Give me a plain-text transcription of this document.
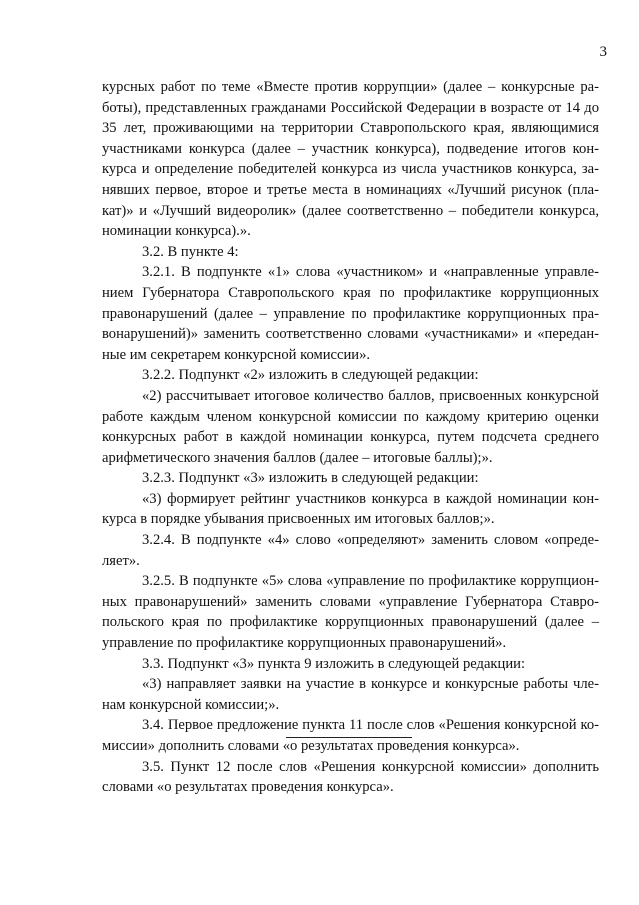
3
курсных работ по теме «Вместе против коррупции» (далее – конкурсные ра-
боты), представленных гражданами Российской Федерации в возрасте от 14 до
35 лет, проживающими на территории Ставропольского края, являющимися
участниками конкурса (далее – участник конкурса), подведение итогов кон-
курса и определение победителей конкурса из числа участников конкурса, за-
нявших первое, второе и третье места в номинациях «Лучший рисунок (пла-
кат)» и «Лучший видеоролик» (далее соответственно – победители конкурса,
номинации конкурса).».
3.2. В пункте 4:
3.2.1. В подпункте «1» слова «участником» и «направленные управле-
нием Губернатора Ставропольского края по профилактике коррупционных
правонарушений (далее – управление по профилактике коррупционных пра-
вонарушений)» заменить соответственно словами «участниками» и «передан-
ные им секретарем конкурсной комиссии».
3.2.2. Подпункт «2» изложить в следующей редакции:
«2) рассчитывает итоговое количество баллов, присвоенных конкурсной
работе каждым членом конкурсной комиссии по каждому критерию оценки
конкурсных работ в каждой номинации конкурса, путем подсчета среднего
арифметического значения баллов (далее – итоговые баллы);».
3.2.3. Подпункт «3» изложить в следующей редакции:
«3) формирует рейтинг участников конкурса в каждой номинации кон-
курса в порядке убывания присвоенных им итоговых баллов;».
3.2.4. В подпункте «4» слово «определяют» заменить словом «опреде-
ляет».
3.2.5. В подпункте «5» слова «управление по профилактике коррупцион-
ных правонарушений» заменить словами «управление Губернатора Ставро-
польского края по профилактике коррупционных правонарушений (далее –
управление по профилактике коррупционных правонарушений».
3.3. Подпункт «3» пункта 9 изложить в следующей редакции:
«3) направляет заявки на участие в конкурсе и конкурсные работы чле-
нам конкурсной комиссии;».
3.4. Первое предложение пункта 11 после слов «Решения конкурсной ко-
миссии» дополнить словами «о результатах проведения конкурса».
3.5. Пункт 12 после слов «Решения конкурсной комиссии» дополнить
словами «о результатах проведения конкурса».
